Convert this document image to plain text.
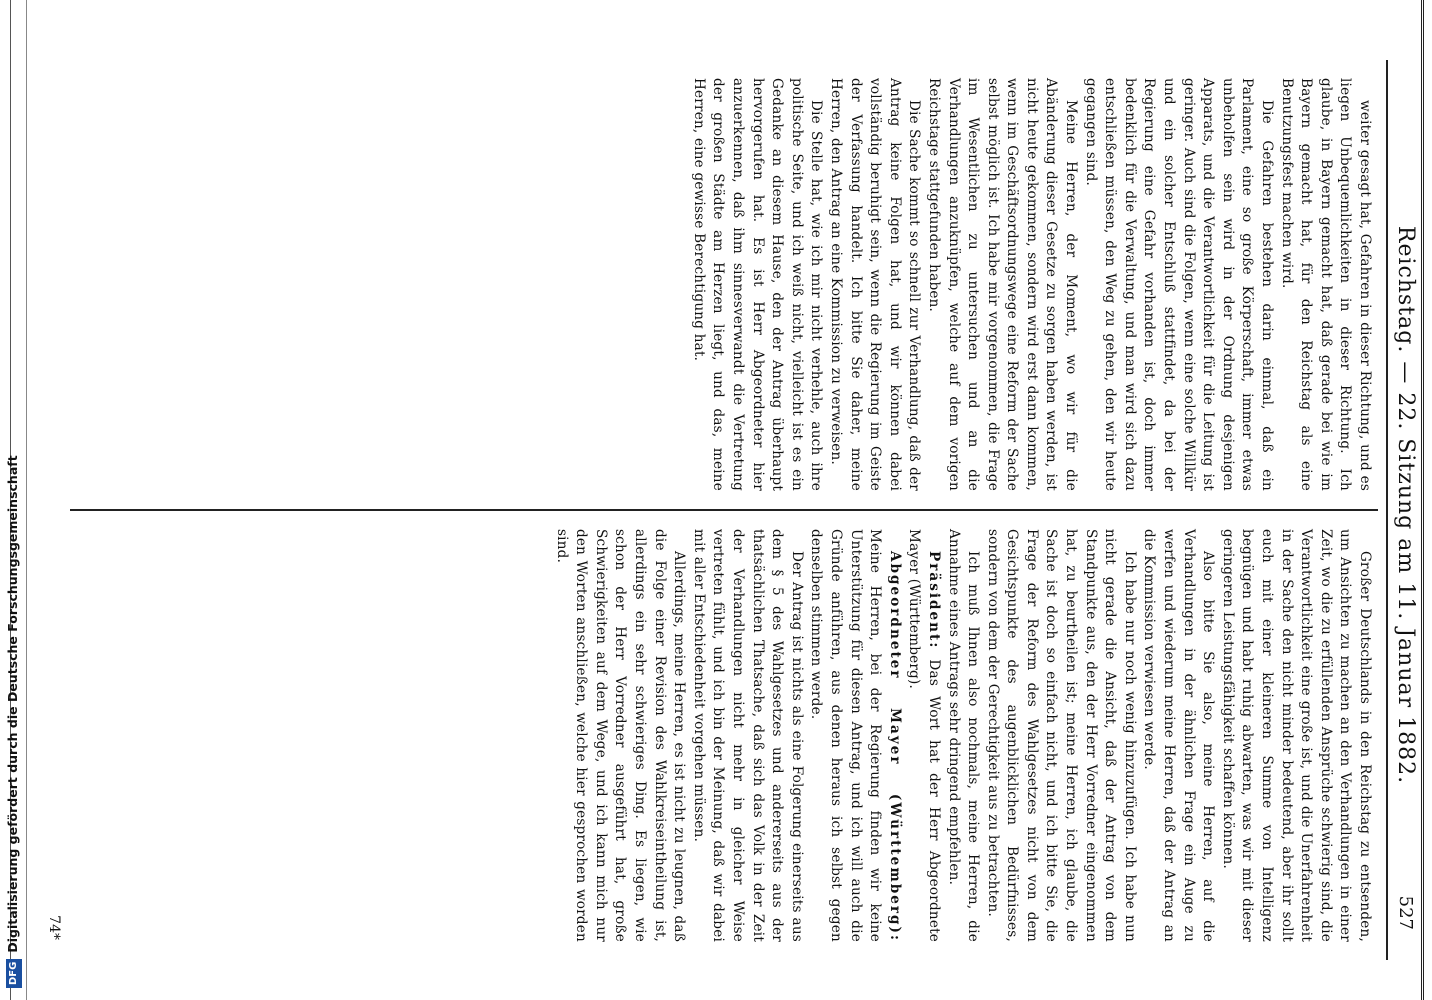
Reichstag. — 22. Sitzung am 11. Januar 1882.
527

weiter gesagt hat, Gefahren in dieser Richtung, und es liegen Unbequemlichkeiten in dieser Richtung. Ich glaube, in Bayern gemacht hat, daß gerade bei wie im Bayern gemacht hat, für den Reichstag als eine Benutzungsfest machen wird.

Die Gefahren bestehen darin einmal, daß ein Parlament, eine so große Körperschaft, immer etwas unbeholfen sein wird in der Ordnung desjenigen Apparats, und die Verantwortlichkeit für die Leitung ist geringer. Auch sind die Folgen, wenn eine solche Willkür und ein solcher Entschluß stattfindet, da bei der Regierung eine Gefahr vorhanden ist, doch immer bedenklich für die Verwaltung, und man wird sich dazu entschließen müssen, den Weg zu gehen, den wir heute gegangen sind.

Meine Herren, der Moment, wo wir für die Abänderung dieser Gesetze zu sorgen haben werden, ist nicht heute gekommen, sondern wird erst dann kommen, wenn im Geschäftsordnungswege eine Reform der Sache selbst möglich ist. Ich habe mir vorgenommen, die Frage im Wesentlichen zu untersuchen und an die Verhandlungen anzuknüpfen, welche auf dem vorigen Reichstage stattgefunden haben.

Die Sache kommt so schnell zur Verhandlung, daß der Antrag keine Folgen hat, und wir können dabei vollständig beruhigt sein, wenn die Regierung im Geiste der Verfassung handelt. Ich bitte Sie daher, meine Herren, den Antrag an eine Kommission zu verweisen.

Die Stelle hat, wie ich mir nicht verhehle, auch ihre politische Seite, und ich weiß nicht, vielleicht ist es ein Gedanke an diesem Hause, den der Antrag überhaupt hervorgerufen hat. Es ist Herr Abgeordneter hier anzuerkennen, daß ihm sinnesverwandt die Vertretung der großen Städte am Herzen liegt, und das, meine Herren, eine gewisse Berechtigung hat.

Großer Deutschlands in den Reichstag zu entsenden, um Ansichten zu machen an den Verhandlungen in einer Zeit, wo die zu erfüllenden Ansprüche schwierig sind, die Verantwortlichkeit eine große ist, und die Unerfahrenheit in der Sache den nicht minder bedeutend, aber ihr sollt euch mit einer kleineren Summe von Intelligenz begnügen und habt ruhig abwarten, was wir mit dieser geringeren Leistungsfähigkeit schaffen können.

Also bitte Sie also, meine Herren, auf die Verhandlungen in der ähnlichen Frage ein Auge zu werfen und wiederum meine Herren, daß der Antrag an die Kommission verwiesen werde.

Ich habe nur noch wenig hinzuzufügen. Ich habe nun nicht gerade die Ansicht, daß der Antrag von dem Standpunkte aus, den der Herr Vorredner eingenommen hat, zu beurtheilen ist; meine Herren, ich glaube, die Sache ist doch so einfach nicht, und ich bitte Sie, die Frage der Reform des Wahlgesetzes nicht von dem Gesichtspunkte des augenblicklichen Bedürfnisses, sondern von dem der Gerechtigkeit aus zu betrachten.

Ich muß Ihnen also nochmals, meine Herren, die Annahme eines Antrags sehr dringend empfehlen.

Präsident: Das Wort hat der Herr Abgeordnete Mayer (Württemberg).

Abgeordneter Mayer (Württemberg): Meine Herren, bei der Regierung finden wir keine Unterstützung für diesen Antrag, und ich will auch die Gründe anführen, aus denen heraus ich selbst gegen denselben stimmen werde.

Der Antrag ist nichts als eine Folgerung einerseits aus dem § 5 des Wahlgesetzes und andererseits aus der thatsächlichen Thatsache, daß sich das Volk in der Zeit der Verhandlungen nicht mehr in gleicher Weise vertreten fühlt, und ich bin der Meinung, daß wir dabei mit aller Entschiedenheit vorgehen müssen.

Allerdings, meine Herren, es ist nicht zu leugnen, daß die Folge einer Revision des Wahlkreiseintheilung ist, allerdings ein sehr schwieriges Ding. Es liegen, wie schon der Herr Vorredner ausgeführt hat, große Schwierigkeiten auf dem Wege, und ich kann mich nur den Worten anschließen, welche hier gesprochen worden sind.

74*
DFGDigitalisierung gefördert durch die Deutsche Forschungsgemeinschaft
